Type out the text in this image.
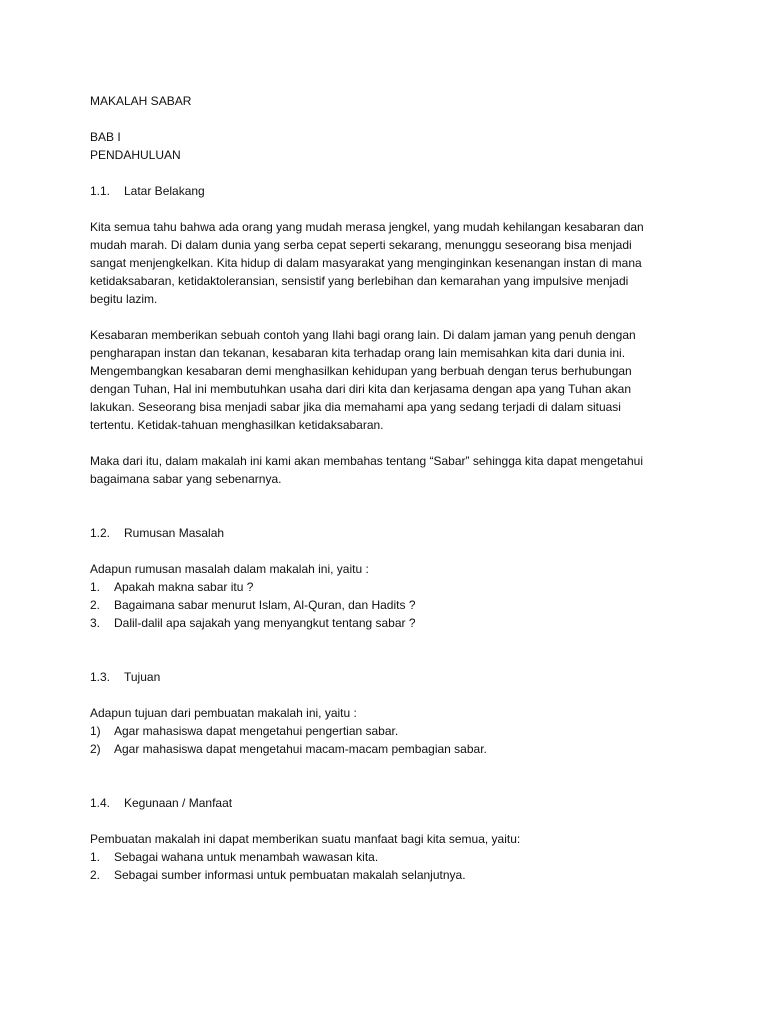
MAKALAH SABAR
BAB I
PENDAHULUAN
1.1. Latar Belakang
Kita semua tahu bahwa ada orang yang mudah merasa jengkel, yang mudah kehilangan kesabaran dan
mudah marah. Di dalam dunia yang serba cepat seperti sekarang, menunggu seseorang bisa menjadi
sangat menjengkelkan. Kita hidup di dalam masyarakat yang menginginkan kesenangan instan di mana
ketidaksabaran, ketidaktoleransian, sensistif yang berlebihan dan kemarahan yang impulsive menjadi
begitu lazim.
Kesabaran memberikan sebuah contoh yang Ilahi bagi orang lain. Di dalam jaman yang penuh dengan
pengharapan instan dan tekanan, kesabaran kita terhadap orang lain memisahkan kita dari dunia ini.
Mengembangkan kesabaran demi menghasilkan kehidupan yang berbuah dengan terus berhubungan
dengan Tuhan, Hal ini membutuhkan usaha dari diri kita dan kerjasama dengan apa yang Tuhan akan
lakukan. Seseorang bisa menjadi sabar jika dia memahami apa yang sedang terjadi di dalam situasi
tertentu. Ketidak-tahuan menghasilkan ketidaksabaran.
Maka dari itu, dalam makalah ini kami akan membahas tentang “Sabar” sehingga kita dapat mengetahui
bagaimana sabar yang sebenarnya.
1.2. Rumusan Masalah
Adapun rumusan masalah dalam makalah ini, yaitu :
1. Apakah makna sabar itu ?
2. Bagaimana sabar menurut Islam, Al-Quran, dan Hadits ?
3. Dalil-dalil apa sajakah yang menyangkut tentang sabar ?
1.3. Tujuan
Adapun tujuan dari pembuatan makalah ini, yaitu :
1) Agar mahasiswa dapat mengetahui pengertian sabar.
2) Agar mahasiswa dapat mengetahui macam-macam pembagian sabar.
1.4. Kegunaan / Manfaat
Pembuatan makalah ini dapat memberikan suatu manfaat bagi kita semua, yaitu:
1. Sebagai wahana untuk menambah wawasan kita.
2. Sebagai sumber informasi untuk pembuatan makalah selanjutnya.
